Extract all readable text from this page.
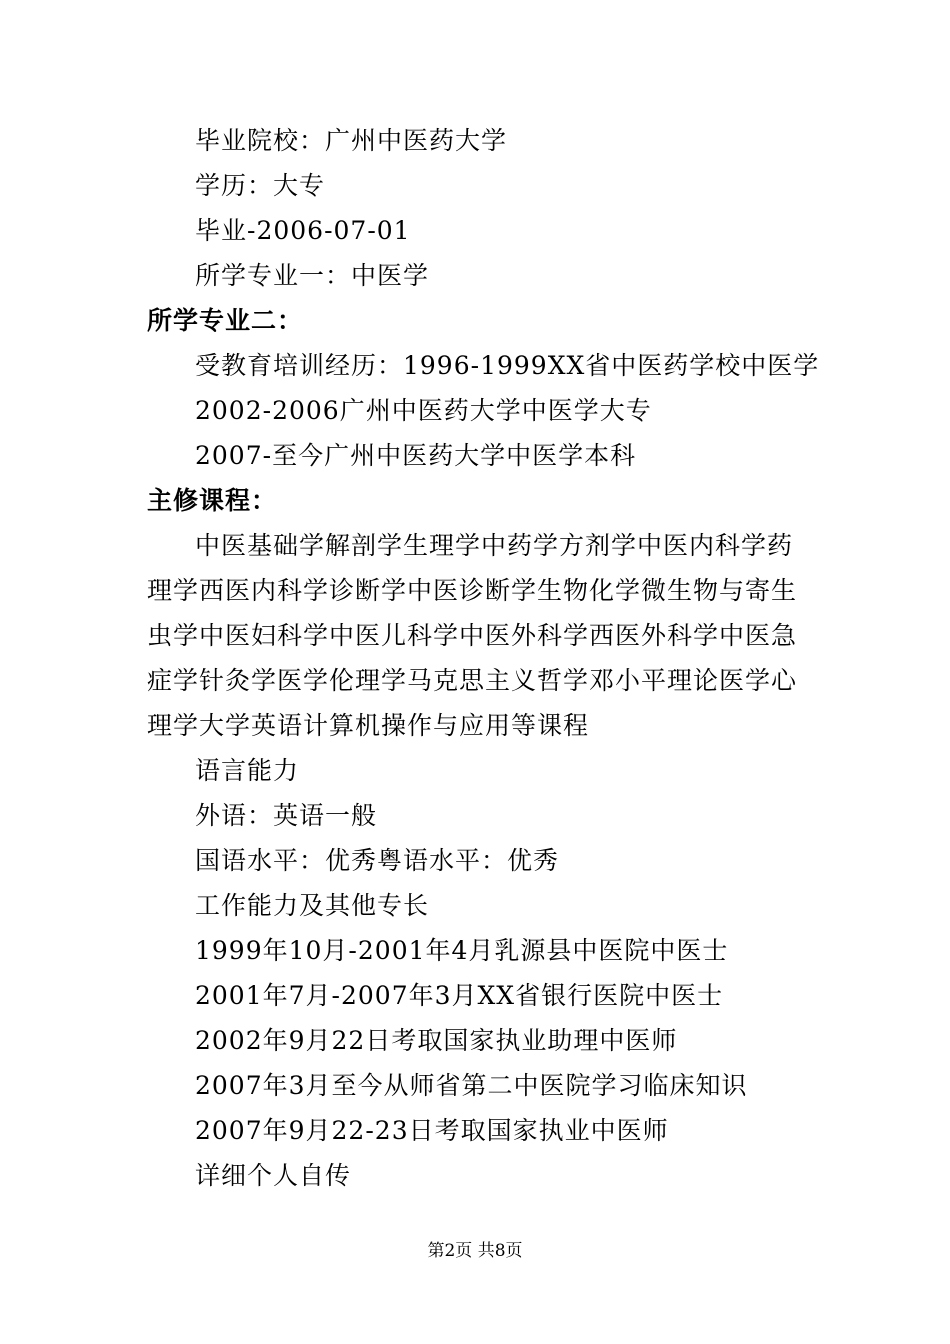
毕业院校：广州中医药大学
学历：大专
毕业-2006-07-01
所学专业一：中医学
所学专业二：
受教育培训经历：1996-1999XX省中医药学校中医学
2002-2006广州中医药大学中医学大专
2007-至今广州中医药大学中医学本科
主修课程：
中医基础学解剖学生理学中药学方剂学中医内科学药
理学西医内科学诊断学中医诊断学生物化学微生物与寄生
虫学中医妇科学中医儿科学中医外科学西医外科学中医急
症学针灸学医学伦理学马克思主义哲学邓小平理论医学心
理学大学英语计算机操作与应用等课程
语言能力
外语：英语一般
国语水平：优秀粤语水平：优秀
工作能力及其他专长
1999年10月-2001年4月乳源县中医院中医士
2001年7月-2007年3月XX省银行医院中医士
2002年9月22日考取国家执业助理中医师
2007年3月至今从师省第二中医院学习临床知识
2007年9月22-23日考取国家执业中医师
详细个人自传
第2页 共8页
